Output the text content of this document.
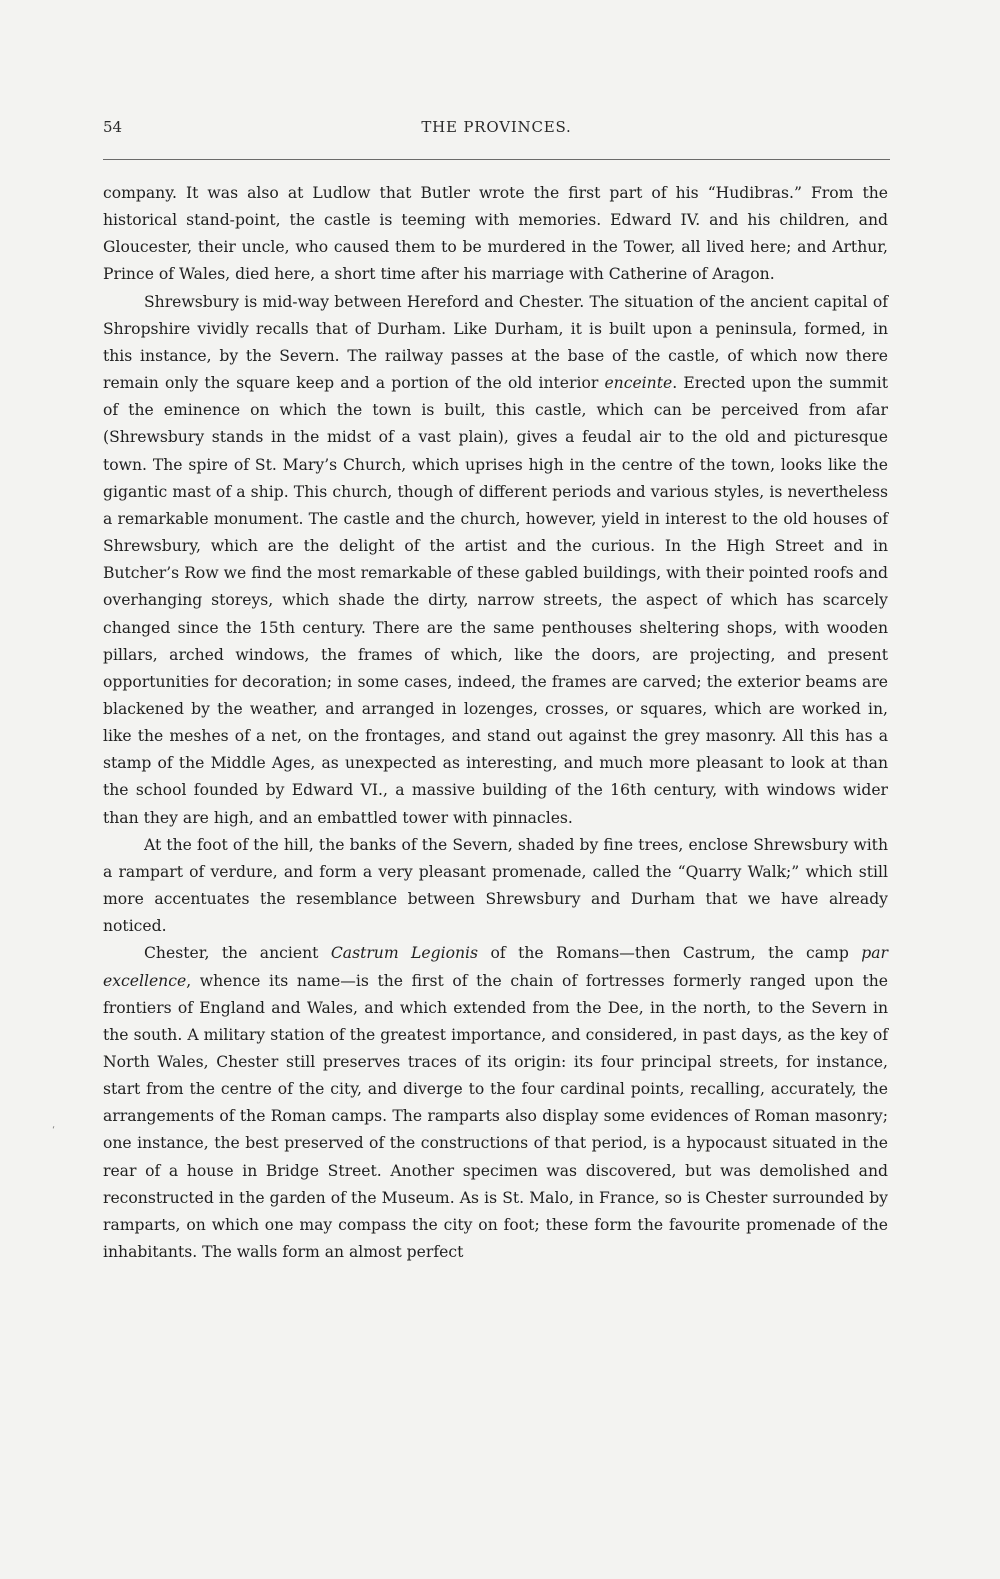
54	THE PROVINCES.

company. It was also at Ludlow that Butler wrote the first part of his “Hudibras.” From the historical stand-point, the castle is teeming with memories. Edward IV. and his children, and Gloucester, their uncle, who caused them to be murdered in the Tower, all lived here; and Arthur, Prince of Wales, died here, a short time after his marriage with Catherine of Aragon.

Shrewsbury is mid-way between Hereford and Chester. The situation of the ancient capital of Shropshire vividly recalls that of Durham. Like Durham, it is built upon a peninsula, formed, in this instance, by the Severn. The railway passes at the base of the castle, of which now there remain only the square keep and a portion of the old interior enceinte. Erected upon the summit of the eminence on which the town is built, this castle, which can be perceived from afar (Shrewsbury stands in the midst of a vast plain), gives a feudal air to the old and picturesque town. The spire of St. Mary’s Church, which uprises high in the centre of the town, looks like the gigantic mast of a ship. This church, though of different periods and various styles, is nevertheless a remarkable monument. The castle and the church, however, yield in interest to the old houses of Shrewsbury, which are the delight of the artist and the curious. In the High Street and in Butcher’s Row we find the most remarkable of these gabled buildings, with their pointed roofs and overhanging storeys, which shade the dirty, narrow streets, the aspect of which has scarcely changed since the 15th century. There are the same penthouses sheltering shops, with wooden pillars, arched windows, the frames of which, like the doors, are projecting, and present opportunities for decoration; in some cases, indeed, the frames are carved; the exterior beams are blackened by the weather, and arranged in lozenges, crosses, or squares, which are worked in, like the meshes of a net, on the frontages, and stand out against the grey masonry. All this has a stamp of the Middle Ages, as unexpected as interesting, and much more pleasant to look at than the school founded by Edward VI., a massive building of the 16th century, with windows wider than they are high, and an embattled tower with pinnacles.

At the foot of the hill, the banks of the Severn, shaded by fine trees, enclose Shrewsbury with a rampart of verdure, and form a very pleasant promenade, called the “Quarry Walk;” which still more accentuates the resemblance between Shrewsbury and Durham that we have already noticed.

Chester, the ancient Castrum Legionis of the Romans—then Castrum, the camp par excellence, whence its name—is the first of the chain of fortresses formerly ranged upon the frontiers of England and Wales, and which extended from the Dee, in the north, to the Severn in the south. A military station of the greatest importance, and considered, in past days, as the key of North Wales, Chester still preserves traces of its origin: its four principal streets, for instance, start from the centre of the city, and diverge to the four cardinal points, recalling, accurately, the arrangements of the Roman camps. The ramparts also display some evidences of Roman masonry; one instance, the best preserved of the constructions of that period, is a hypocaust situated in the rear of a house in Bridge Street. Another specimen was discovered, but was demolished and reconstructed in the garden of the Museum. As is St. Malo, in France, so is Chester surrounded by ramparts, on which one may compass the city on foot; these form the favourite promenade of the inhabitants. The walls form an almost perfect

‘
